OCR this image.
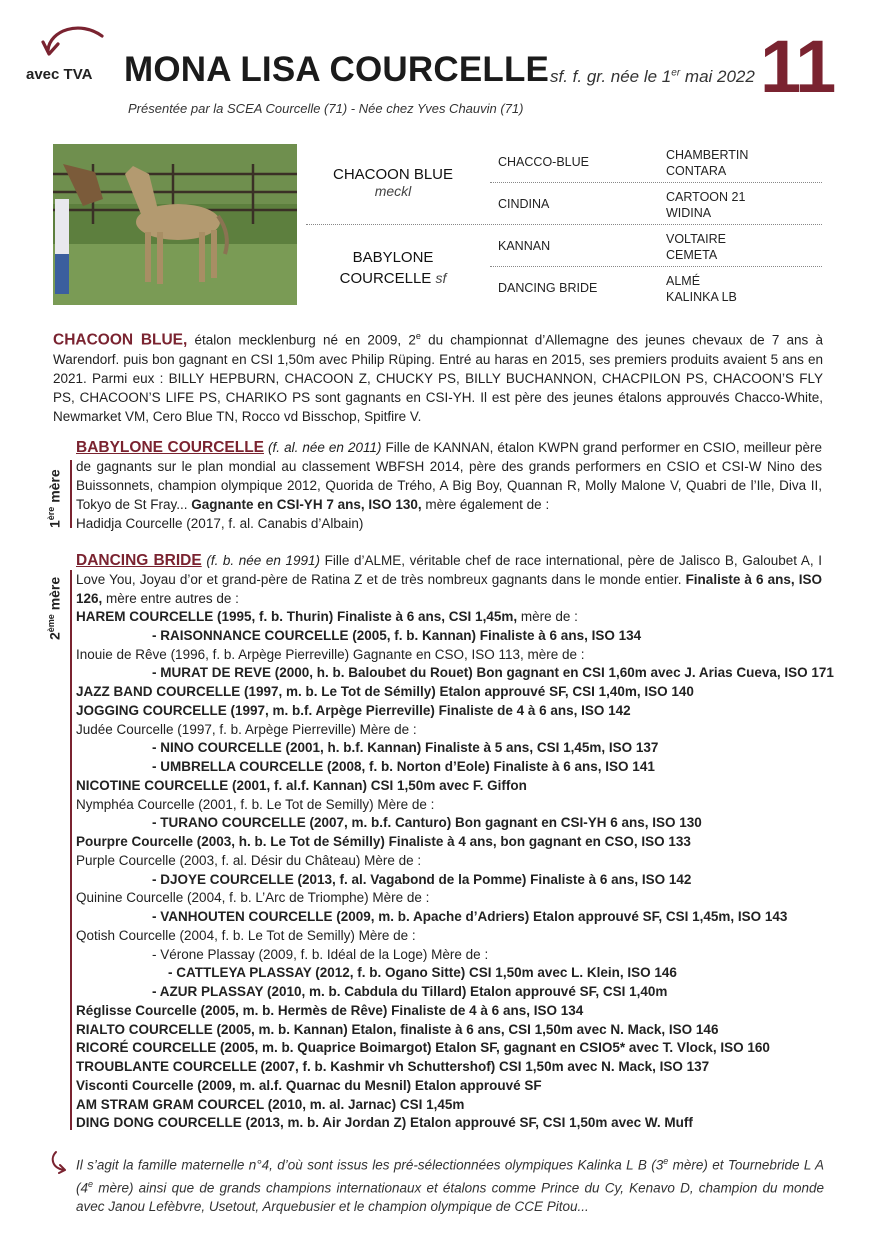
avec TVA MONA LISA COURCELLE sf. f. gr. née le 1er mai 2022 11
Présentée par la SCEA Courcelle (71) - Née chez Yves Chauvin (71)
CHACOON BLUE
meckl
BABYLONE
COURCELLE sf
CHACCO-BLUE
CINDINA
KANNAN
DANCING BRIDE
CHAMBERTIN
CONTARA
CARTOON 21
WIDINA
VOLTAIRE
CEMETA
ALMÉ
KALINKA LB
CHACOON BLUE, étalon mecklenburg né en 2009, 2e du championnat d’Allemagne des jeunes chevaux de 7 ans à Warendorf. puis bon gagnant en CSI 1,50m avec Philip Rüping. Entré au haras en 2015, ses premiers produits avaient 5 ans en 2021. Parmi eux : BILLY HEPBURN, CHACOON Z, CHUCKY PS, BILLY BUCHANNON, CHACPILON PS, CHACOON’S FLY PS, CHACOON’S LIFE PS, CHARIKO PS sont gagnants en CSI-YH. Il est père des jeunes étalons approuvés Chacco-White, Newmarket VM, Cero Blue TN, Rocco vd Bisschop, Spitfire V.
1ère mère
BABYLONE COURCELLE (f. al. née en 2011) Fille de KANNAN, étalon KWPN grand performer en CSIO, meilleur père de gagnants sur le plan mondial au classement WBFSH 2014, père des grands performers en CSIO et CSI-W Nino des Buissonnets, champion olympique 2012, Quorida de Trého, A Big Boy, Quannan R, Molly Malone V, Quabri de l’Ile, Diva II, Tokyo de St Fray... Gagnante en CSI-YH 7 ans, ISO 130, mère également de :
Hadidja Courcelle (2017, f. al. Canabis d’Albain)
2ème mère
DANCING BRIDE (f. b. née en 1991) Fille d’ALME, véritable chef de race international, père de Jalisco B, Galoubet A, I Love You, Joyau d’or et grand-père de Ratina Z et de très nombreux gagnants dans le monde entier. Finaliste à 6 ans, ISO 126, mère entre autres de :
HAREM COURCELLE (1995, f. b. Thurin) Finaliste à 6 ans, CSI 1,45m, mère de :
- RAISONNANCE COURCELLE (2005, f. b. Kannan) Finaliste à 6 ans, ISO 134
Inouie de Rêve (1996, f. b. Arpège Pierreville) Gagnante en CSO, ISO 113, mère de :
- MURAT DE REVE (2000, h. b. Baloubet du Rouet) Bon gagnant en CSI 1,60m avec J. Arias Cueva, ISO 171
JAZZ BAND COURCELLE (1997, m. b. Le Tot de Sémilly) Etalon approuvé SF, CSI 1,40m, ISO 140
JOGGING COURCELLE (1997, m. b.f. Arpège Pierreville) Finaliste de 4 à 6 ans, ISO 142
Judée Courcelle (1997, f. b. Arpège Pierreville) Mère de :
- NINO COURCELLE (2001, h. b.f. Kannan) Finaliste à 5 ans, CSI 1,45m, ISO 137
- UMBRELLA COURCELLE (2008, f. b. Norton d’Eole) Finaliste à 6 ans, ISO 141
NICOTINE COURCELLE (2001, f. al.f. Kannan) CSI 1,50m avec F. Giffon
Nymphéa Courcelle (2001, f. b. Le Tot de Semilly) Mère de :
- TURANO COURCELLE (2007, m. b.f. Canturo) Bon gagnant en CSI-YH 6 ans, ISO 130
Pourpre Courcelle (2003, h. b. Le Tot de Sémilly) Finaliste à 4 ans, bon gagnant en CSO, ISO 133
Purple Courcelle (2003, f. al. Désir du Château) Mère de :
- DJOYE COURCELLE (2013, f. al. Vagabond de la Pomme) Finaliste à 6 ans, ISO 142
Quinine Courcelle (2004, f. b. L’Arc de Triomphe) Mère de :
- VANHOUTEN COURCELLE (2009, m. b. Apache d’Adriers) Etalon approuvé SF, CSI 1,45m, ISO 143
Qotish Courcelle (2004, f. b. Le Tot de Semilly) Mère de :
- Vérone Plassay (2009, f. b. Idéal de la Loge) Mère de :
- CATTLEYA PLASSAY (2012, f. b. Ogano Sitte) CSI 1,50m avec L. Klein, ISO 146
- AZUR PLASSAY (2010, m. b. Cabdula du Tillard) Etalon approuvé SF, CSI 1,40m
Réglisse Courcelle (2005, m. b. Hermès de Rêve) Finaliste de 4 à 6 ans, ISO 134
RIALTO COURCELLE (2005, m. b. Kannan) Etalon, finaliste à 6 ans, CSI 1,50m avec N. Mack, ISO 146
RICORÉ COURCELLE (2005, m. b. Quaprice Boimargot) Etalon SF, gagnant en CSIO5* avec T. Vlock, ISO 160
TROUBLANTE COURCELLE (2007, f. b. Kashmir vh Schuttershof) CSI 1,50m avec N. Mack, ISO 137
Visconti Courcelle (2009, m. al.f. Quarnac du Mesnil) Etalon approuvé SF
AM STRAM GRAM COURCEL (2010, m. al. Jarnac) CSI 1,45m
DING DONG COURCELLE (2013, m. b. Air Jordan Z) Etalon approuvé SF, CSI 1,50m avec W. Muff
Il s’agit la famille maternelle n°4, d’où sont issus les pré-sélectionnées olympiques Kalinka L B (3e mère) et Tournebride L A (4e mère) ainsi que de grands champions internationaux et étalons comme Prince du Cy, Kenavo D, champion du monde avec Janou Lefèbvre, Usetout, Arquebusier et le champion olympique de CCE Pitou...
